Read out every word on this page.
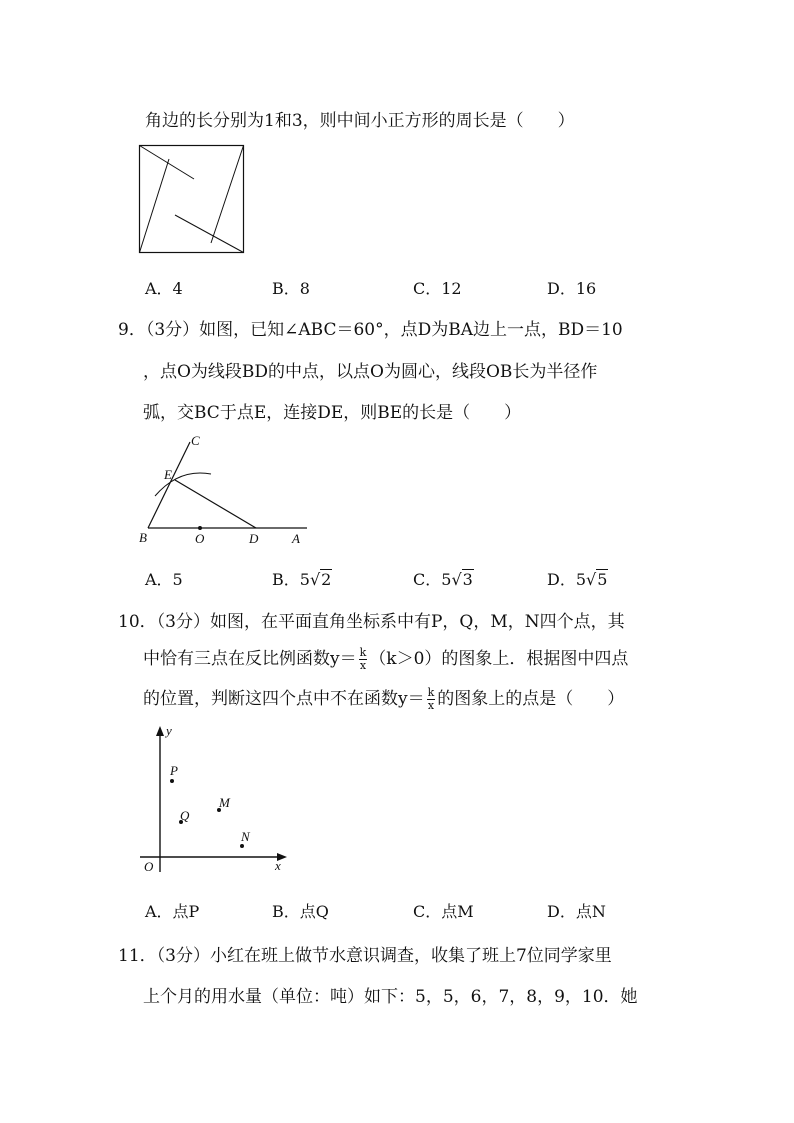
角边的长分别为1和3，则中间小正方形的周长是（　　）
A．4	B．8	C．12	D．16
9．（3分）如图，已知∠ABC＝60°，点D为BA边上一点，BD＝10
，点O为线段BD的中点，以点O为圆心，线段OB长为半径作
弧，交BC于点E，连接DE，则BE的长是（　　）
C
E
B	O	D	A
A．5	B．5√2	C．5√3	D．5√5
10．（3分）如图，在平面直角坐标系中有P，Q，M，N四个点，其
中恰有三点在反比例函数$y= \frac{k}{x} (k>0)$的图象上．根据图中四点
的位置，判断这四个点中不在函数$y= \frac{k}{x}$ 的图象上的点是（　　）
y
x
O
P
Q
M
N
A．点P	B．点Q	C．点M	D．点N
11．（3分）小红在班上做节水意识调查，收集了班上7位同学家里
上个月的用水量（单位：吨）如下：5，5，6，7，8，9，10．她
